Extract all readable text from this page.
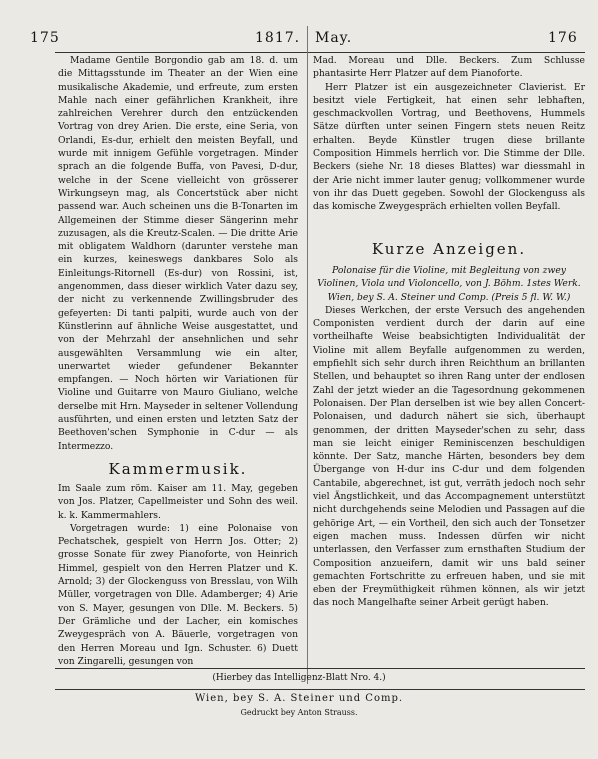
175	1817. May.	176

Madame Gentile Borgondio gab am 18. d. um die Mittagsstunde im Theater an der Wien eine musikalische Akademie, und erfreute, zum ersten Mahle nach einer gefährlichen Krankheit, ihre zahlreichen Verehrer durch den entzückenden Vortrag von drey Arien. Die erste, eine Seria, von Orlandi, Es-dur, erhielt den meisten Beyfall, und wurde mit innigem Gefühle vorgetragen. Minder sprach an die folgende Buffa, von Pavesi, D-dur, welche in der Scene vielleicht von grösserer Wirkungseyn mag, als Concertstück aber nicht passend war. Auch scheinen uns die B-Tonarten im Allgemeinen der Stimme dieser Sängerinn mehr zuzusagen, als die Kreutz-Scalen. — Die dritte Arie mit obligatem Waldhorn (darunter verstehe man ein kurzes, keineswegs dankbares Solo als Einleitungs-Ritornell (Es-dur) von Rossini, ist, angenommen, dass dieser wirklich Vater dazu sey, der nicht zu verkennende Zwillingsbruder des gefeyerten: Di tanti palpiti, wurde auch von der Künstlerinn auf ähnliche Weise ausgestattet, und von der Mehrzahl der ansehnlichen und sehr ausgewählten Versammlung wie ein alter, unerwartet wieder gefundener Bekannter empfangen. — Noch hörten wir Variationen für Violine und Guitarre von Mauro Giuliano, welche derselbe mit Hrn. Mayseder in seltener Vollendung ausführten, und einen ersten und letzten Satz der Beethoven'schen Symphonie in C-dur — als Intermezzo.

Kammermusik.

Im Saale zum röm. Kaiser am 11. May, gegeben von Jos. Platzer, Capellmeister und Sohn des weil. k. k. Kammermahlers.

Vorgetragen wurde: 1) eine Polonaise von Pechatschek, gespielt von Herrn Jos. Otter; 2) grosse Sonate für zwey Pianoforte, von Heinrich Himmel, gespielt von den Herren Platzer und K. Arnold; 3) der Glockenguss von Bresslau, von Wilh Müller, vorgetragen von Dlle. Adamberger; 4) Arie von S. Mayer, gesungen von Dlle. M. Beckers. 5) Der Grämliche und der Lacher, ein komisches Zweygespräch von A. Bäuerle, vorgetragen von den Herren Moreau und Ign. Schuster. 6) Duett von Zingarelli, gesungen von

Mad. Moreau und Dlle. Beckers. Zum Schlusse phantasirte Herr Platzer auf dem Pianoforte.

Herr Platzer ist ein ausgezeichneter Clavierist. Er besitzt viele Fertigkeit, hat einen sehr lebhaften, geschmackvollen Vortrag, und Beethovens, Hummels Sätze dürften unter seinen Fingern stets neuen Reitz erhalten. Beyde Künstler trugen diese brillante Composition Himmels herrlich vor. Die Stimme der Dlle. Beckers (siehe Nr. 18 dieses Blattes) war diessmahl in der Arie nicht immer lauter genug; vollkommener wurde von ihr das Duett gegeben. Sowohl der Glockenguss als das komische Zweygespräch erhielten vollen Beyfall.

Kurze Anzeigen.

Polonaise für die Violine, mit Begleitung von zwey Violinen, Viola und Violoncello, von J. Böhm. 1stes Werk. Wien, bey S. A. Steiner und Comp. (Preis 5 fl. W. W.)

Dieses Werkchen, der erste Versuch des angehenden Componisten verdient durch der darin auf eine vortheilhafte Weise beabsichtigten Individualität der Violine mit allem Beyfalle aufgenommen zu werden, empfiehlt sich sehr durch ihren Reichthum an brillanten Stellen, und behauptet so ihren Rang unter der endlosen Zahl der jetzt wieder an die Tagesordnung gekommenen Polonaisen. Der Plan derselben ist wie bey allen Concert-Polonaisen, und dadurch nähert sie sich, überhaupt genommen, der dritten Mayseder'schen zu sehr, dass man sie leicht einiger Reminiscenzen beschuldigen könnte. Der Satz, manche Härten, besonders bey dem Übergange von H-dur ins C-dur und dem folgenden Cantabile, abgerechnet, ist gut, verräth jedoch noch sehr viel Ängstlichkeit, und das Accompagnement unterstützt nicht durchgehends seine Melodien und Passagen auf die gehörige Art, — ein Vortheil, den sich auch der Tonsetzer eigen machen muss. Indessen dürfen wir nicht unterlassen, den Verfasser zum ernsthaften Studium der Composition anzueifern, damit wir uns bald seiner gemachten Fortschritte zu erfreuen haben, und sie mit eben der Freymüthigkeit rühmen können, als wir jetzt das noch Mangelhafte seiner Arbeit gerügt haben.

(Hierbey das Intelligenz-Blatt Nro. 4.)
Wien, bey S. A. Steiner und Comp.
Gedruckt bey Anton Strauss.
